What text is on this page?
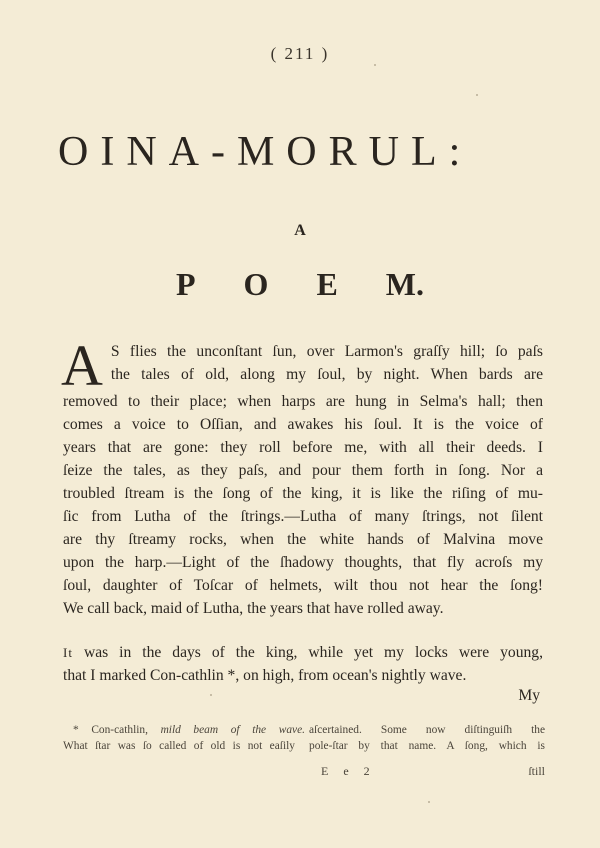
( 211 )
OINA-MORUL:
A
P O E M.
A S flies the unconſtant ſun, over Larmon's graſſy hill; ſo paſs
the tales of old, along my ſoul, by night. When bards are
removed to their place; when harps are hung in Selma's hall; then
comes a voice to Oſſian, and awakes his ſoul. It is the voice of
years that are gone: they roll before me, with all their deeds. I
ſeize the tales, as they paſs, and pour them forth in ſong. Nor a
troubled ſtream is the ſong of the king, it is like the riſing of mu-
ſic from Lutha of the ſtrings.—Lutha of many ſtrings, not ſilent
are thy ſtreamy rocks, when the white hands of Malvina move
upon the harp.—Light of the ſhadowy thoughts, that fly acroſs my
ſoul, daughter of Toſcar of helmets, wilt thou not hear the ſong!
We call back, maid of Lutha, the years that have rolled away.
It was in the days of the king, while yet my locks were young,
that I marked Con-cathlin *, on high, from ocean's nightly wave.
My
* Con-cathlin, mild beam of the wave. aſcertained. Some now diſtinguiſh the
What ſtar was ſo called of old is not eaſily pole-ſtar by that name. A ſong, which is
E e 2	ſtill
